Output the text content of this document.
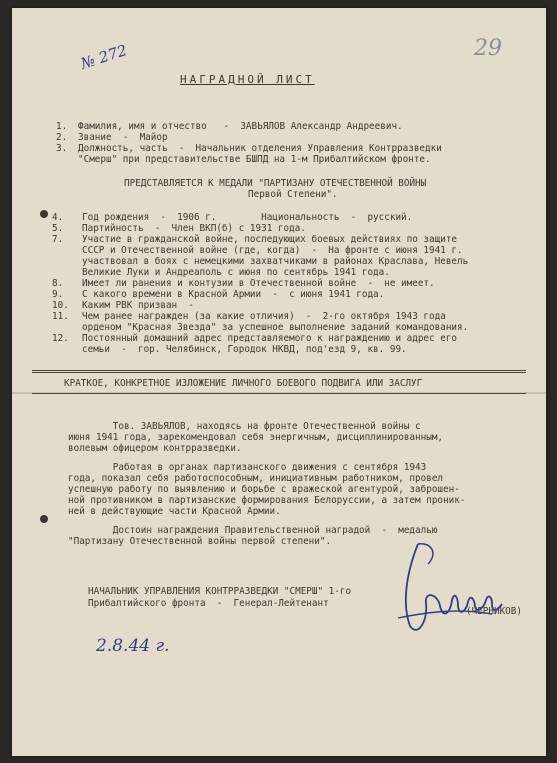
№ 272	29
НАГРАДНОЙ ЛИСТ
1. Фамилия, имя и отчество   -  ЗАВЬЯЛОВ Александр Андреевич.
2. Звание  -  Майор
3. Должность, часть  -  Начальник отделения Управления Контрразведки
"Смерш" при представительстве БШПД на 1-м Прибалтийском фронте.
ПРЕДСТАВЛЯЕТСЯ К МЕДАЛИ "ПАРТИЗАНУ ОТЕЧЕСТВЕННОЙ ВОЙНЫ
Первой Степени".
4. Год рождения  -  1906 г.        Национальность  -  русский.
5. Партийность  -  Член ВКП(б) с 1931 года.
7. Участие в гражданской войне, последующих боевых действиях по защите
СССР и Отечественной войне (где, когда)  -  На фронте с июня 1941 г.
участвовал в боях с немецкими захватчиками в районах Краслава, Невель
Великие Луки и Андреаполь с июня по сентябрь 1941 года.
8. Имеет ли ранения и контузии в Отечественной войне  -  не имеет.
9. С какого времени в Красной Армии  -  с июня 1941 года.
10. Каким РВК призван  -
11. Чем ранее награжден (за какие отличия)  -  2-го октября 1943 года
орденом "Красная Звезда" за успешное выполнение заданий командования.
12. Постоянный домашний адрес представляемого к награждению и адрес его
семьи  -  гор. Челябинск, Городок НКВД, под'езд 9, кв. 99.
КРАТКОЕ, КОНКРЕТНОЕ ИЗЛОЖЕНИЕ ЛИЧНОГО БОЕВОГО ПОДВИГА ИЛИ ЗАСЛУГ
Тов. ЗАВЬЯЛОВ, находясь на фронте Отечественной войны с
июня 1941 года, зарекомендовал себя энергичным, дисциплинированным,
волевым офицером контрразведки.
Работая в органах партизанского движения с сентября 1943
года, показал себя работоспособным, инициативным работником, провел
успешную работу по выявлению и борьбе с вражеской агентурой, заброшен-
ной противником в партизанские формирования Белоруссии, а затем проник-
ней в действующие части Красной Армии.
Достоин награждения Правительственной наградой  -  медалью
"Партизану Отечественной войны первой степени".
НАЧАЛЬНИК УПРАВЛЕНИЯ КОНТРРАЗВЕДКИ "СМЕРШ" 1-го
Прибалтийского фронта  -  Генерал-Лейтенант
(ЧЕРНИКОВ)
2.8.44 г.
